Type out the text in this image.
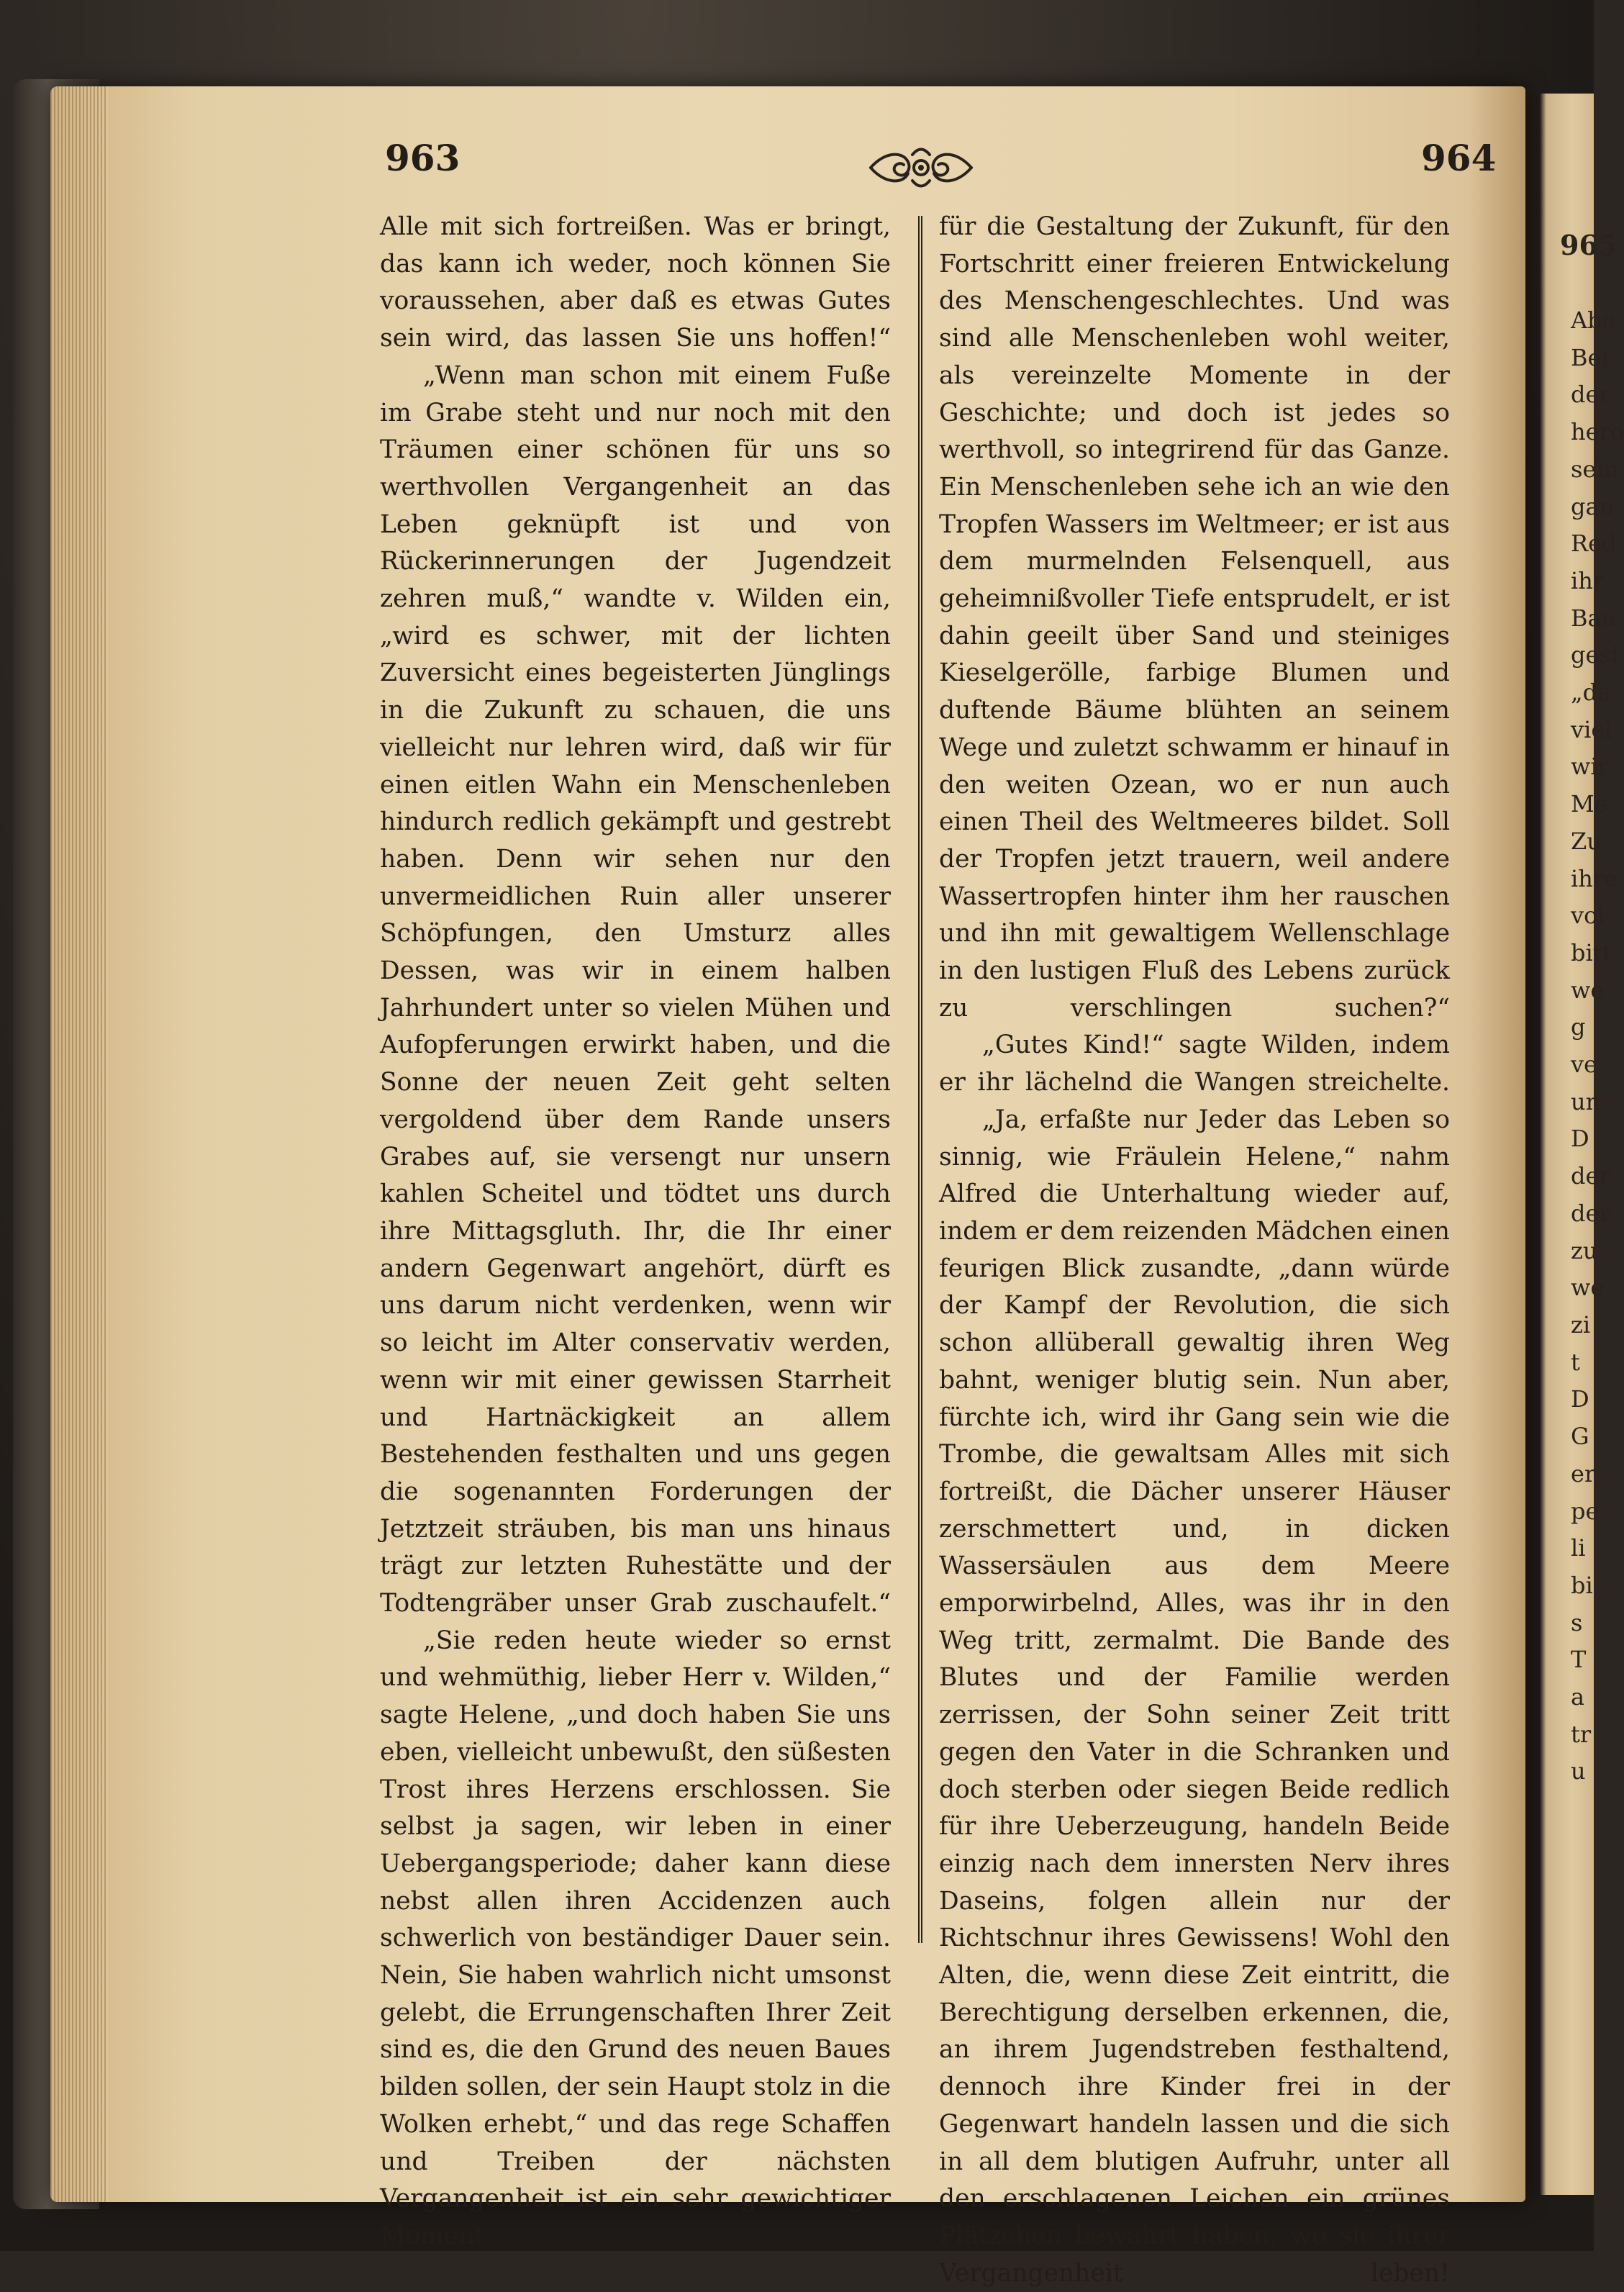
963	964

Alle mit sich fortreißen. Was er bringt, das kann ich weder, noch können Sie voraussehen, aber daß es etwas Gutes sein wird, das lassen Sie uns hoffen!“

„Wenn man schon mit einem Fuße im Grabe steht und nur noch mit den Träumen einer schönen für uns so werthvollen Vergangenheit an das Leben geknüpft ist und von Rückerinnerungen der Jugendzeit zehren muß,“ wandte v. Wilden ein, „wird es schwer, mit der lichten Zuversicht eines begeisterten Jünglings in die Zukunft zu schauen, die uns vielleicht nur lehren wird, daß wir für einen eitlen Wahn ein Menschenleben hindurch redlich gekämpft und gestrebt haben. Denn wir sehen nur den unvermeidlichen Ruin aller unserer Schöpfungen, den Umsturz alles Dessen, was wir in einem halben Jahrhundert unter so vielen Mühen und Aufopferungen erwirkt haben, und die Sonne der neuen Zeit geht selten vergoldend über dem Rande unsers Grabes auf, sie versengt nur unsern kahlen Scheitel und tödtet uns durch ihre Mittagsgluth. Ihr, die Ihr einer andern Gegenwart angehört, dürft es uns darum nicht verdenken, wenn wir so leicht im Alter conservativ werden, wenn wir mit einer gewissen Starrheit und Hartnäckigkeit an allem Bestehenden festhalten und uns gegen die sogenannten Forderungen der Jetztzeit sträuben, bis man uns hinaus trägt zur letzten Ruhestätte und der Todtengräber unser Grab zuschaufelt.“

„Sie reden heute wieder so ernst und wehmüthig, lieber Herr v. Wilden,“ sagte Helene, „und doch haben Sie uns eben, vielleicht unbewußt, den süßesten Trost ihres Herzens erschlossen. Sie selbst ja sagen, wir leben in einer Uebergangsperiode; daher kann diese nebst allen ihren Accidenzen auch schwerlich von beständiger Dauer sein. Nein, Sie haben wahrlich nicht umsonst gelebt, die Errungenschaften Ihrer Zeit sind es, die den Grund des neuen Baues bilden sollen, der sein Haupt stolz in die Wolken erhebt,“ und das rege Schaffen und Treiben der nächsten Vergangenheit ist ein sehr gewichtiger Moment

für die Gestaltung der Zukunft, für den Fortschritt einer freieren Entwickelung des Menschengeschlechtes. Und was sind alle Menschenleben wohl weiter, als vereinzelte Momente in der Geschichte; und doch ist jedes so werthvoll, so integrirend für das Ganze. Ein Menschenleben sehe ich an wie den Tropfen Wassers im Weltmeer; er ist aus dem murmelnden Felsenquell, aus geheimnißvoller Tiefe entsprudelt, er ist dahin geeilt über Sand und steiniges Kieselgerölle, farbige Blumen und duftende Bäume blühten an seinem Wege und zuletzt schwamm er hinauf in den weiten Ozean, wo er nun auch einen Theil des Weltmeeres bildet. Soll der Tropfen jetzt trauern, weil andere Wassertropfen hinter ihm her rauschen und ihn mit gewaltigem Wellenschlage in den lustigen Fluß des Lebens zurück zu verschlingen suchen?“

„Gutes Kind!“ sagte Wilden, indem er ihr lächelnd die Wangen streichelte.

„Ja, erfaßte nur Jeder das Leben so sinnig, wie Fräulein Helene,“ nahm Alfred die Unterhaltung wieder auf, indem er dem reizenden Mädchen einen feurigen Blick zusandte, „dann würde der Kampf der Revolution, die sich schon allüberall gewaltig ihren Weg bahnt, weniger blutig sein. Nun aber, fürchte ich, wird ihr Gang sein wie die Trombe, die gewaltsam Alles mit sich fortreißt, die Dächer unserer Häuser zerschmettert und, in dicken Wassersäulen aus dem Meere emporwirbelnd, Alles, was ihr in den Weg tritt, zermalmt. Die Bande des Blutes und der Familie werden zerrissen, der Sohn seiner Zeit tritt gegen den Vater in die Schranken und doch sterben oder siegen Beide redlich für ihre Ueberzeugung, handeln Beide einzig nach dem innersten Nerv ihres Daseins, folgen allein nur der Richtschnur ihres Gewissens! Wohl den Alten, die, wenn diese Zeit eintritt, die Berechtigung derselben erkennen, die, an ihrem Jugendstreben festhaltend, dennoch ihre Kinder frei in der Gegenwart handeln lassen und die sich in all dem blutigen Aufruhr, unter all den erschlagenen Leichen ein grünes Plätzchen bewahrt haben, wo sie ihrer Vergangenheit leben!

965
Abe
Ber
der
hero
sein
gan
Red
ihr
Bau
gesi
„da
viel
wir
Me
Zu
ihre
vol
bitt
we
g
ve
un
D
der
der
zu
we
zi
t
D
G
er
pe
li
bi
s
T
a
tr
u
